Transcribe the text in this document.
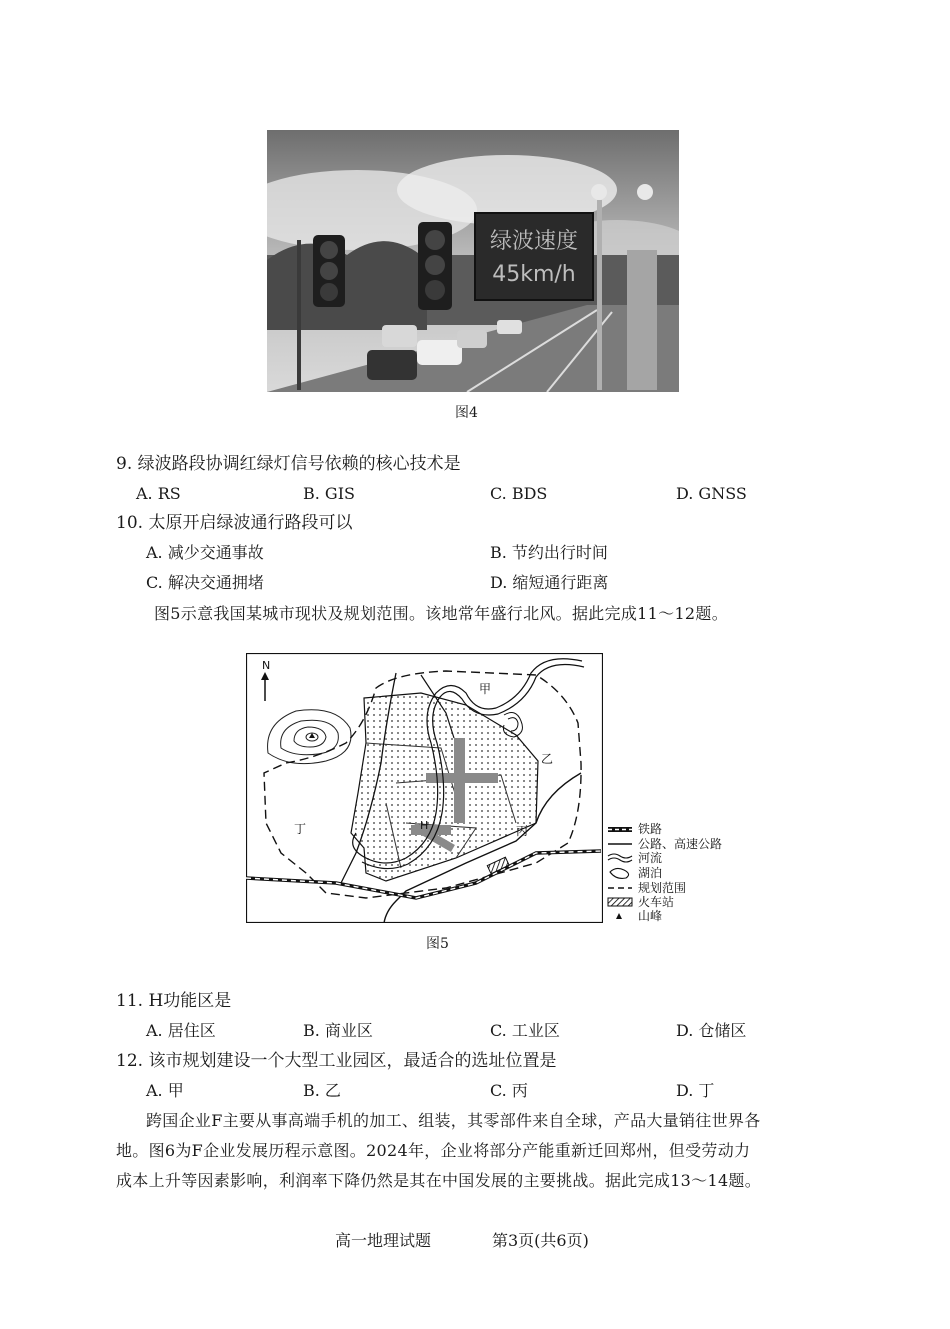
绿波速度
45km/h
图4
9. 绿波路段协调红绿灯信号依赖的核心技术是
A. RS	B. GIS	C. BDS	D. GNSS
10. 太原开启绿波通行路段可以
A. 减少交通事故	B. 节约出行时间
C. 解决交通拥堵	D. 缩短通行距离
图5示意我国某城市现状及规划范围。该地常年盛行北风。据此完成11～12题。
N
H
甲
乙
丙
丁	铁路
公路、高速公路
河流
湖泊
规划范围
火车站
山峰
图5
11. H功能区是
A. 居住区	B. 商业区	C. 工业区	D. 仓储区
12. 该市规划建设一个大型工业园区，最适合的选址位置是
A. 甲	B. 乙	C. 丙	D. 丁
跨国企业F主要从事高端手机的加工、组装，其零部件来自全球，产品大量销往世界各
地。图6为F企业发展历程示意图。2024年，企业将部分产能重新迁回郑州，但受劳动力
成本上升等因素影响，利润率下降仍然是其在中国发展的主要挑战。据此完成13～14题。
高一地理试题	第3页(共6页)
